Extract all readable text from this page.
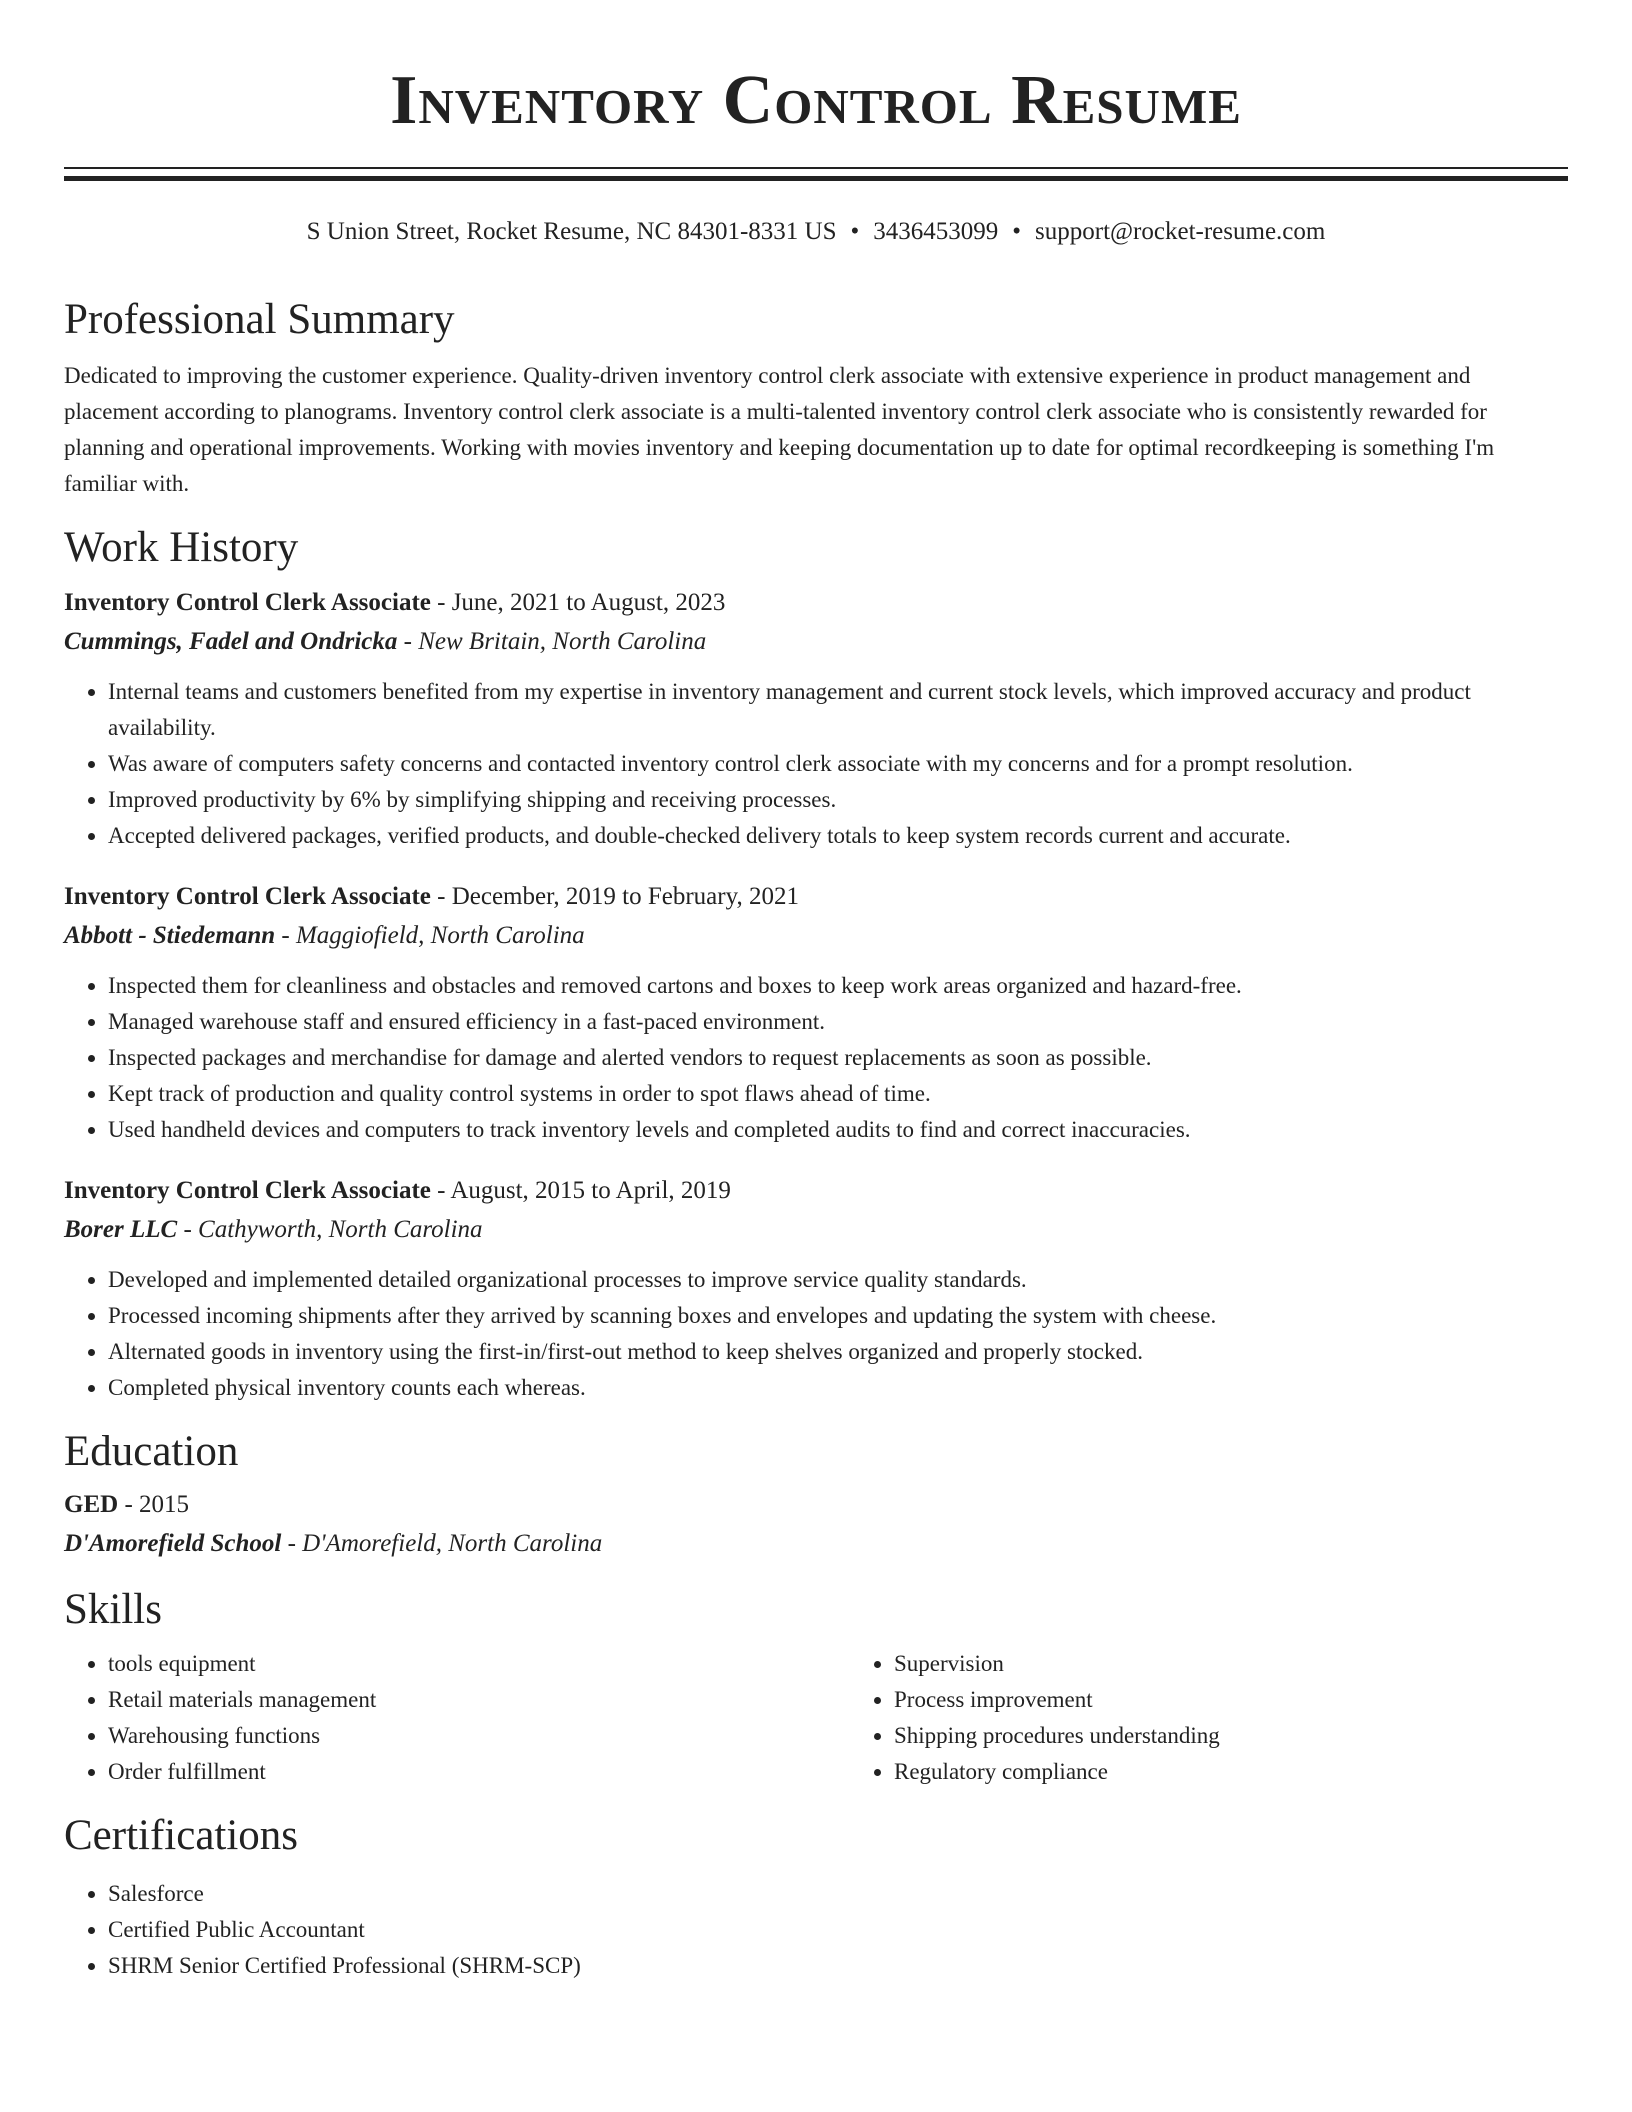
Inventory Control Resume
S Union Street, Rocket Resume, NC 84301-8331 US • 3436453099 • support@rocket-resume.com
Professional Summary

Dedicated to improving the customer experience. Quality-driven inventory control clerk associate with extensive experience in product management and placement according to planograms. Inventory control clerk associate is a multi-talented inventory control clerk associate who is consistently rewarded for planning and operational improvements. Working with movies inventory and keeping documentation up to date for optimal recordkeeping is something I'm familiar with.

Work History

Inventory Control Clerk Associate - June, 2021 to August, 2023

Cummings, Fadel and Ondricka - New Britain, North Carolina

• Internal teams and customers benefited from my expertise in inventory management and current stock levels, which improved accuracy and product availability.
• Was aware of computers safety concerns and contacted inventory control clerk associate with my concerns and for a prompt resolution.
• Improved productivity by 6% by simplifying shipping and receiving processes.
• Accepted delivered packages, verified products, and double-checked delivery totals to keep system records current and accurate.

Inventory Control Clerk Associate - December, 2019 to February, 2021

Abbott - Stiedemann - Maggiofield, North Carolina

• Inspected them for cleanliness and obstacles and removed cartons and boxes to keep work areas organized and hazard-free.
• Managed warehouse staff and ensured efficiency in a fast-paced environment.
• Inspected packages and merchandise for damage and alerted vendors to request replacements as soon as possible.
• Kept track of production and quality control systems in order to spot flaws ahead of time.
• Used handheld devices and computers to track inventory levels and completed audits to find and correct inaccuracies.

Inventory Control Clerk Associate - August, 2015 to April, 2019

Borer LLC - Cathyworth, North Carolina

• Developed and implemented detailed organizational processes to improve service quality standards.
• Processed incoming shipments after they arrived by scanning boxes and envelopes and updating the system with cheese.
• Alternated goods in inventory using the first-in/first-out method to keep shelves organized and properly stocked.
• Completed physical inventory counts each whereas.
Education

GED - 2015

D'Amorefield School - D'Amorefield, North Carolina

Skills
• tools equipment
• Retail materials management
• Warehousing functions
• Order fulfillment
• Supervision
• Process improvement
• Shipping procedures understanding
• Regulatory compliance
Certifications
• Salesforce
• Certified Public Accountant
• SHRM Senior Certified Professional (SHRM-SCP)
